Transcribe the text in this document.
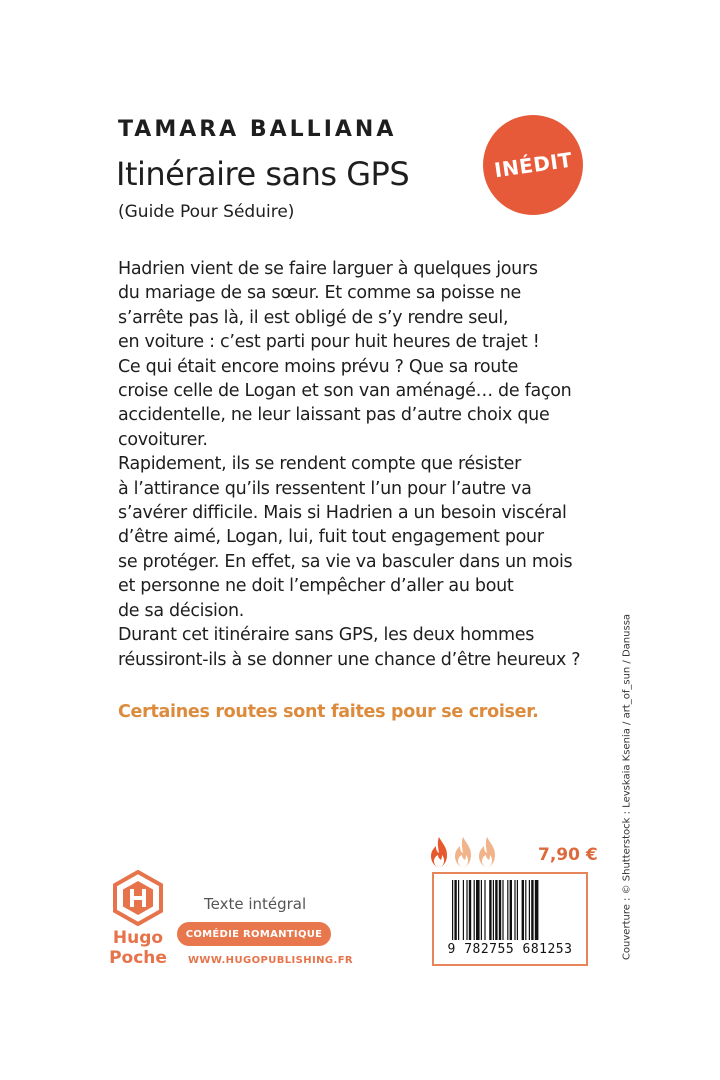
TAMARA BALLIANA
Itinéraire sans GPS
(Guide Pour Séduire)
INÉDIT
Hadrien vient de se faire larguer à quelques jours
du mariage de sa sœur. Et comme sa poisse ne
s’arrête pas là, il est obligé de s’y rendre seul,
en voiture : c’est parti pour huit heures de trajet !
Ce qui était encore moins prévu ? Que sa route
croise celle de Logan et son van aménagé… de façon
accidentelle, ne leur laissant pas d’autre choix que
covoiturer.
Rapidement, ils se rendent compte que résister
à l’attirance qu’ils ressentent l’un pour l’autre va
s’avérer difficile. Mais si Hadrien a un besoin viscéral
d’être aimé, Logan, lui, fuit tout engagement pour
se protéger. En effet, sa vie va basculer dans un mois
et personne ne doit l’empêcher d’aller au bout
de sa décision.
Durant cet itinéraire sans GPS, les deux hommes
réussiront-ils à se donner une chance d’être heureux ?
Certaines routes sont faites pour se croiser.	Couverture : © Shutterstock : Levskaia Ksenia / art_of_sun / Danussa
7,90 €
9 782755 681253
Hugo
Poche
Texte intégral
COMÉDIE ROMANTIQUE
WWW.HUGOPUBLISHING.FR
